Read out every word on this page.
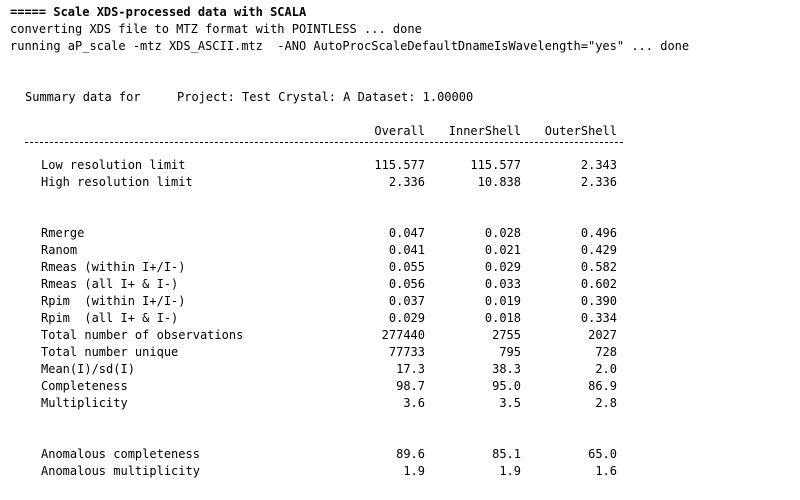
===== Scale XDS-processed data with SCALA
converting XDS file to MTZ format with POINTLESS ... done
running aP_scale -mtz XDS_ASCII.mtz  -ANO AutoProcScaleDefaultDnameIsWavelength="yes" ... done
Summary data for	Project: Test Crystal: A Dataset: 1.00000
Overall	InnerShell	OuterShell
Low resolution limit	115.577	115.577	2.343
High resolution limit	2.336	10.838	2.336
Rmerge	0.047	0.028	0.496
Ranom	0.041	0.021	0.429
Rmeas (within I+/I-)	0.055	0.029	0.582
Rmeas (all I+ & I-)	0.056	0.033	0.602
Rpim  (within I+/I-)	0.037	0.019	0.390
Rpim  (all I+ & I-)	0.029	0.018	0.334
Total number of observations	277440	2755	2027
Total number unique	77733	795	728
Mean(I)/sd(I)	17.3	38.3	2.0
Completeness	98.7	95.0	86.9
Multiplicity	3.6	3.5	2.8
Anomalous completeness	89.6	85.1	65.0
Anomalous multiplicity	1.9	1.9	1.6
